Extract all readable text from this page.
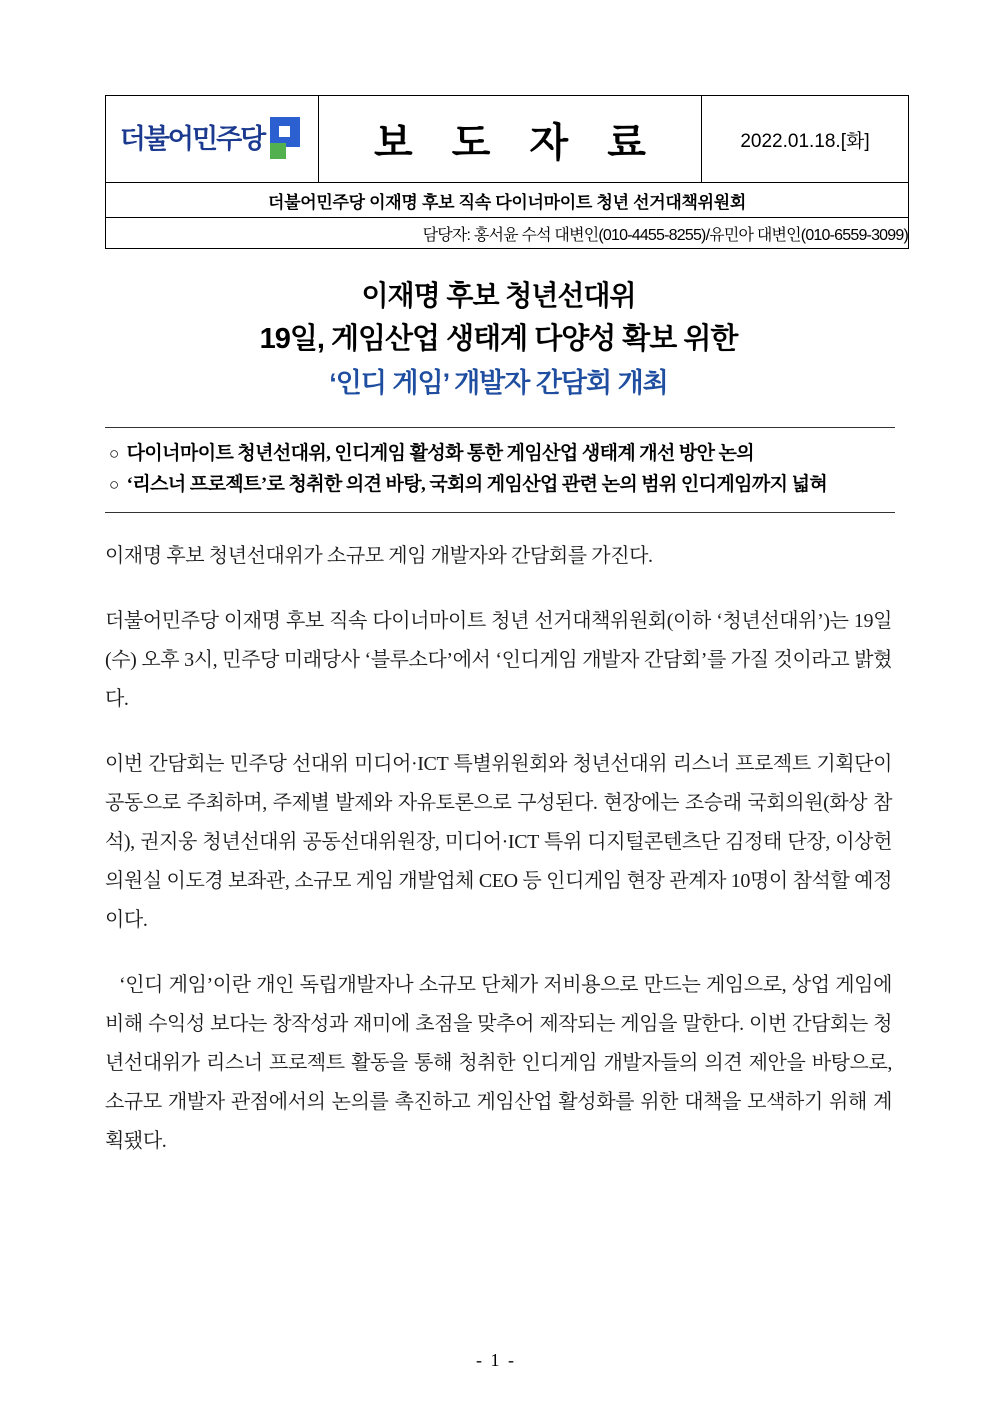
더불어민주당	보 도 자 료	2022.01.18.[화]

더불어민주당 이재명 후보 직속 다이너마이트 청년 선거대책위원회
담당자: 홍서윤 수석 대변인(010-4455-8255)/유민아 대변인(010-6559-3099)
이재명 후보 청년선대위
19일, 게임산업 생태계 다양성 확보 위한
‘인디 게임’ 개발자 간담회 개최
○ 다이너마이트 청년선대위, 인디게임 활성화 통한 게임산업 생태계 개선 방안 논의
○ ‘리스너 프로젝트’로 청취한 의견 바탕, 국회의 게임산업 관련 논의 범위 인디게임까지 넓혀

이재명 후보 청년선대위가 소규모 게임 개발자와 간담회를 가진다.

더불어민주당 이재명 후보 직속 다이너마이트 청년 선거대책위원회(이하 ‘청년선대위’)는 19일(수) 오후 3시, 민주당 미래당사 ‘블루소다’에서 ‘인디게임 개발자 간담회’를 가질 것이라고 밝혔다.

이번 간담회는 민주당 선대위 미디어·ICT 특별위원회와 청년선대위 리스너 프로젝트 기획단이 공동으로 주최하며, 주제별 발제와 자유토론으로 구성된다. 현장에는 조승래 국회의원(화상 참석), 권지웅 청년선대위 공동선대위원장, 미디어·ICT 특위 디지털콘텐츠단 김정태 단장, 이상헌 의원실 이도경 보좌관, 소규모 게임 개발업체 CEO 등 인디게임 현장 관계자 10명이 참석할 예정이다.

‘인디 게임’이란 개인 독립개발자나 소규모 단체가 저비용으로 만드는 게임으로, 상업 게임에 비해 수익성 보다는 창작성과 재미에 초점을 맞추어 제작되는 게임을 말한다. 이번 간담회는 청년선대위가 리스너 프로젝트 활동을 통해 청취한 인디게임 개발자들의 의견 제안을 바탕으로, 소규모 개발자 관점에서의 논의를 촉진하고 게임산업 활성화를 위한 대책을 모색하기 위해 계획됐다.

- 1 -
